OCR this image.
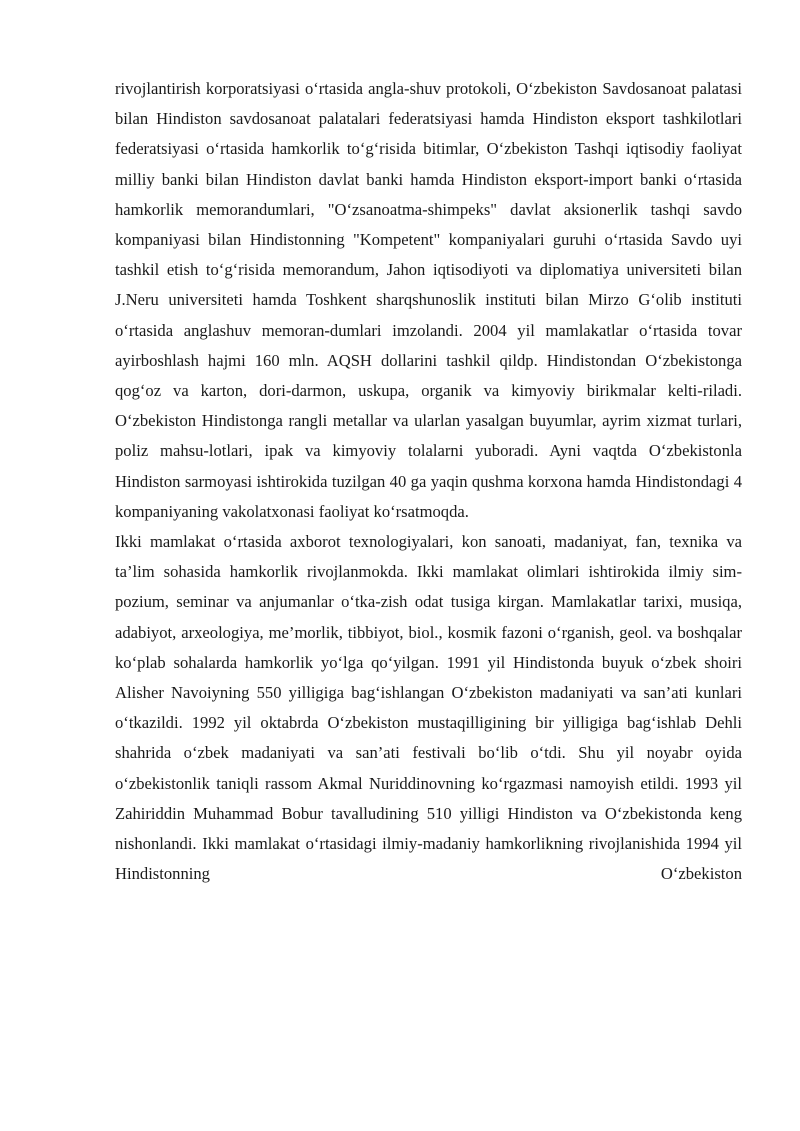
rivojlantirish korporatsiyasi o‘rtasida angla-shuv protokoli, O‘zbekiston Savdosanoat palatasi bilan Hindiston savdosanoat palatalari federatsiyasi hamda Hindiston eksport tashkilotlari federatsiyasi o‘rtasida hamkorlik to‘g‘risida bitimlar, O‘zbekiston Tashqi iqtisodiy faoliyat milliy banki bilan Hindiston davlat banki hamda Hindiston eksport-import banki o‘rtasida hamkorlik memorandumlari, "O‘zsanoatma-shimpeks" davlat aksionerlik tashqi savdo kompaniyasi bilan Hindistonning "Kompetent" kompaniyalari guruhi o‘rtasida Savdo uyi tashkil etish to‘g‘risida memorandum, Jahon iqtisodiyoti va diplomatiya universiteti bilan J.Neru universiteti hamda Toshkent sharqshunoslik instituti bilan Mirzo G‘olib instituti o‘rtasida anglashuv memoran-dumlari imzolandi. 2004 yil mamlakatlar o‘rtasida tovar ayirboshlash hajmi 160 mln. AQSH dollarini tashkil qildp. Hindistondan O‘zbekistonga qog‘oz va karton, dori-darmon, uskupa, organik va kimyoviy birikmalar kelti-riladi. O‘zbekiston Hindistonga rangli metallar va ularlan yasalgan buyumlar, ayrim xizmat turlari, poliz mahsu-lotlari, ipak va kimyoviy tolalarni yuboradi. Ayni vaqtda O‘zbekistonla Hindiston sarmoyasi ishtirokida tuzilgan 40 ga yaqin qushma korxona hamda Hindistondagi 4 kompaniyaning vakolatxonasi faoliyat ko‘rsatmoqda.

Ikki mamlakat o‘rtasida axborot texnologiyalari, kon sanoati, madaniyat, fan, texnika va ta’lim sohasida hamkorlik rivojlanmokda. Ikki mamlakat olimlari ishtirokida ilmiy sim-pozium, seminar va anjumanlar o‘tka-zish odat tusiga kirgan. Mamlakatlar tarixi, musiqa, adabiyot, arxeologiya, me’morlik, tibbiyot, biol., kosmik fazoni o‘rganish, geol. va boshqalar ko‘plab sohalarda hamkorlik yo‘lga qo‘yilgan. 1991 yil Hindistonda buyuk o‘zbek shoiri Alisher Navoiyning 550 yilligiga bag‘ishlangan O‘zbekiston madaniyati va san’ati kunlari o‘tkazildi. 1992 yil oktabrda O‘zbekiston mustaqilligining bir yilligiga bag‘ishlab Dehli shahrida o‘zbek madaniyati va san’ati festivali bo‘lib o‘tdi. Shu yil noyabr oyida o‘zbekistonlik taniqli rassom Akmal Nuriddinovning ko‘rgazmasi namoyish etildi. 1993 yil Zahiriddin Muhammad Bobur tavalludining 510 yilligi Hindiston va O‘zbekistonda keng nishonlandi. Ikki mamlakat o‘rtasidagi ilmiy-madaniy hamkorlikning rivojlanishida 1994 yil Hindistonning O‘zbekiston
